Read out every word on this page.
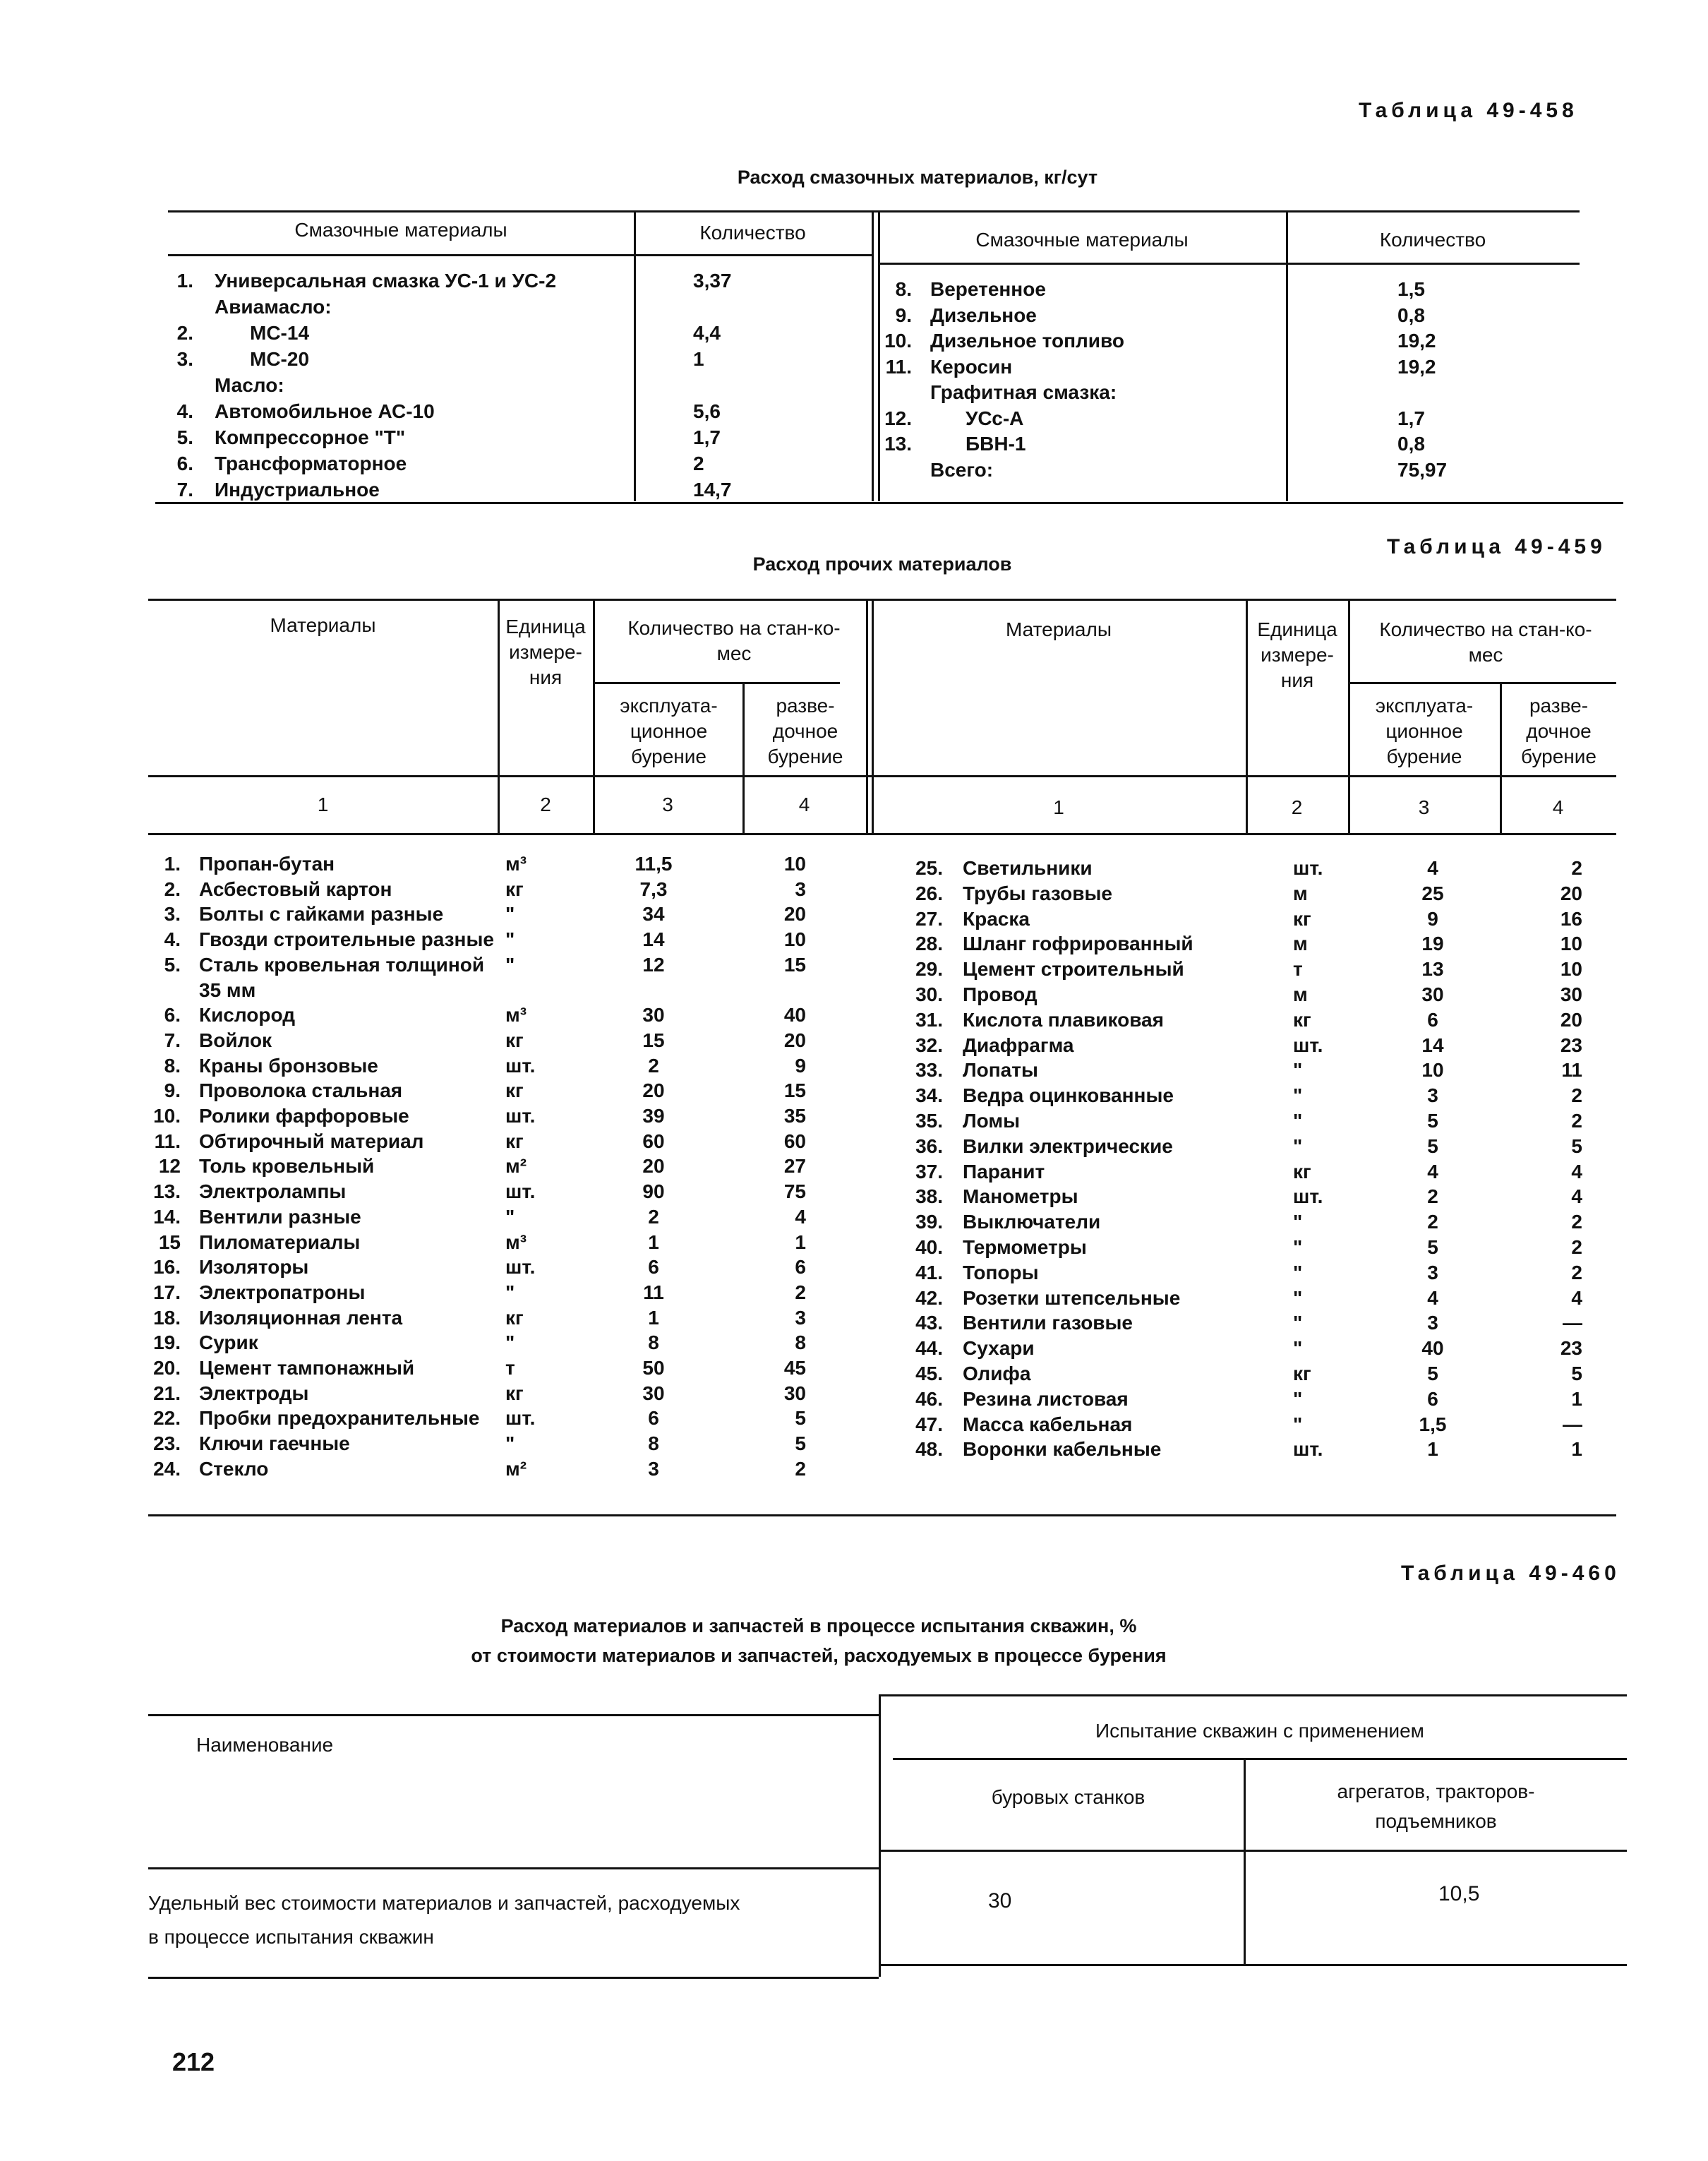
Таблица 49-458
Расход смазочных материалов, кг/сут
Смазочные материалы	Количество	Смазочные материалы	Количество
1. Универсальная смазка УС-1 и УС-2	3,37
Авиамасло:
2.	МС-14	4,4
3.	МС-20	1
Масло:
4. Автомобильное АС-10	5,6
5. Компрессорное "Т"	1,7
6. Трансформаторное	2
7. Индустриальное	14,7
8. Веретенное	1,5
9. Дизельное	0,8
10. Дизельное топливо	19,2
11. Керосин	19,2
Графитная смазка:
12.	УСс-А	1,7
13.	БВН-1	0,8
Всего:	75,97
Таблица 49-459
Расход прочих материалов
Материалы	Единица измере-ния
Количество на стан-ко-мес
эксплуата-ционное бурение
разве-дочное бурение
Материалы	Единица измере-ния
Количество на стан-ко-мес
эксплуата-ционное бурение
разве-дочное бурение
1	2	3	4	1	2	3	4
1. Пропан-бутан	м³	11,5	10
2. Асбестовый картон	кг	7,3	3
3. Болты с гайками разные	"	34	20
4. Гвозди строительные разные "	14	10
5. Сталь кровельная толщиной "	12	15
35 мм
6. Кислород	м³	30	40
7. Войлок	кг	15	20
8. Краны бронзовые	шт.	2	9
9. Проволока стальная	кг	20	15
10. Ролики фарфоровые	шт.	39	35
11. Обтирочный материал	кг	60	60
12 Толь кровельный	м²	20	27
13. Электролампы	шт.	90	75
14. Вентили разные	"	2	4
15 Пиломатериалы	м³	1	1
16. Изоляторы	шт.	6	6
17. Электропатроны	"	11	2
18. Изоляционная лента	кг	1	3
19. Сурик	"	8	8
20. Цемент тампонажный	т	50	45
21. Электроды	кг	30	30
22. Пробки предохранительные шт.	6	5
23. Ключи гаечные	"	8	5
24. Стекло	м²	3	2
25. Светильники	шт.	4	2
26. Трубы газовые	м	25	20
27. Краска	кг	9	16
28. Шланг гофрированный	м	19	10
29. Цемент строительный	т	13	10
30. Провод	м	30	30
31. Кислота плавиковая	кг	6	20
32. Диафрагма	шт.	14	23
33. Лопаты	"	10	11
34. Ведра оцинкованные	"	3	2
35. Ломы	"	5	2
36. Вилки электрические	"	5	5
37. Паранит	кг	4	4
38. Манометры	шт.	2	4
39. Выключатели	"	2	2
40. Термометры	"	5	2
41. Топоры	"	3	2
42. Розетки штепсельные	"	4	4
43. Вентили газовые	"	3	—
44. Сухари	"	40	23
45. Олифа	кг	5	5
46. Резина листовая	"	6	1
47. Масса кабельная	"	1,5	—
48. Воронки кабельные	шт.	1	1
Таблица 49-460
Расход материалов и запчастей в процессе испытания скважин, %
от стоимости материалов и запчастей, расходуемых в процессе бурения
Наименование
Испытание скважин с применением
буровых станков	агрегатов, тракторов-
подъемников
Удельный вес стоимости материалов и запчастей, расходуемых
в процессе испытания скважин
30	10,5
212
